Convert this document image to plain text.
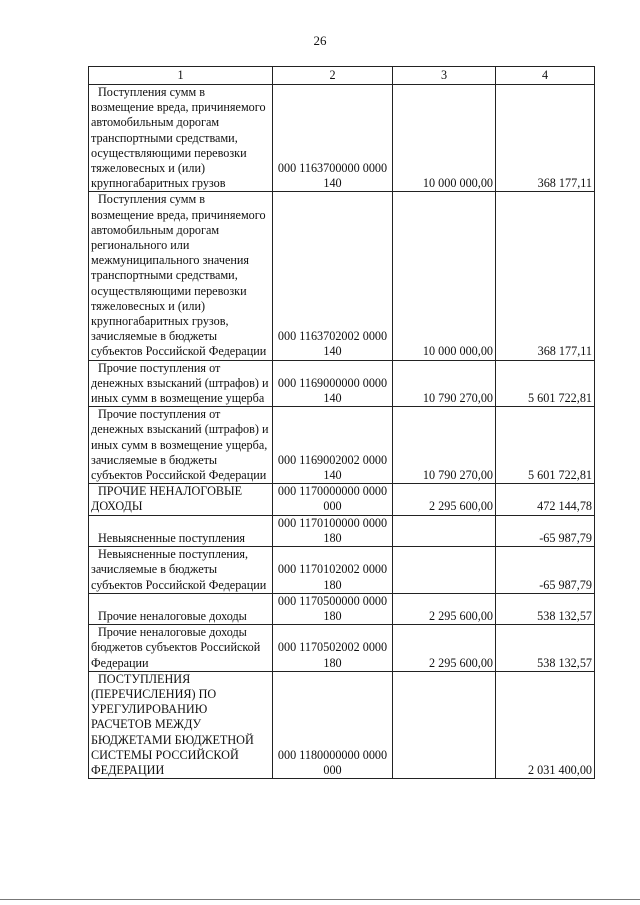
26
1	2	3	4
Поступления сумм в возмещение вреда, причиняемого автомобильным дорогам транспортными средствами, осуществляющими перевозки тяжеловесных и (или) крупногабаритных грузов	000 1163700000 0000 140	10 000 000,00	368 177,11
Поступления сумм в возмещение вреда, причиняемого автомобильным дорогам регионального или межмуниципального значения транспортными средствами, осуществляющими перевозки тяжеловесных и (или) крупногабаритных грузов, зачисляемые в бюджеты субъектов Российской Федерации	000 1163702002 0000 140	10 000 000,00	368 177,11
Прочие поступления от денежных взысканий (штрафов) и иных сумм в возмещение ущерба	000 1169000000 0000 140	10 790 270,00	5 601 722,81
Прочие поступления от денежных взысканий (штрафов) и иных сумм в возмещение ущерба, зачисляемые в бюджеты субъектов Российской Федерации	000 1169002002 0000 140	10 790 270,00	5 601 722,81
ПРОЧИЕ НЕНАЛОГОВЫЕ ДОХОДЫ	000 1170000000 0000 000	2 295 600,00	472 144,78
Невыясненные поступления	000 1170100000 0000 180		-65 987,79
Невыясненные поступления, зачисляемые в бюджеты субъектов Российской Федерации	000 1170102002 0000 180		-65 987,79
Прочие неналоговые доходы	000 1170500000 0000 180	2 295 600,00	538 132,57
Прочие неналоговые доходы бюджетов субъектов Российской Федерации	000 1170502002 0000 180	2 295 600,00	538 132,57
ПОСТУПЛЕНИЯ (ПЕРЕЧИСЛЕНИЯ) ПО УРЕГУЛИРОВАНИЮ РАСЧЕТОВ МЕЖДУ БЮДЖЕТАМИ БЮДЖЕТНОЙ СИСТЕМЫ РОССИЙСКОЙ ФЕДЕРАЦИИ	000 1180000000 0000 000		2 031 400,00
